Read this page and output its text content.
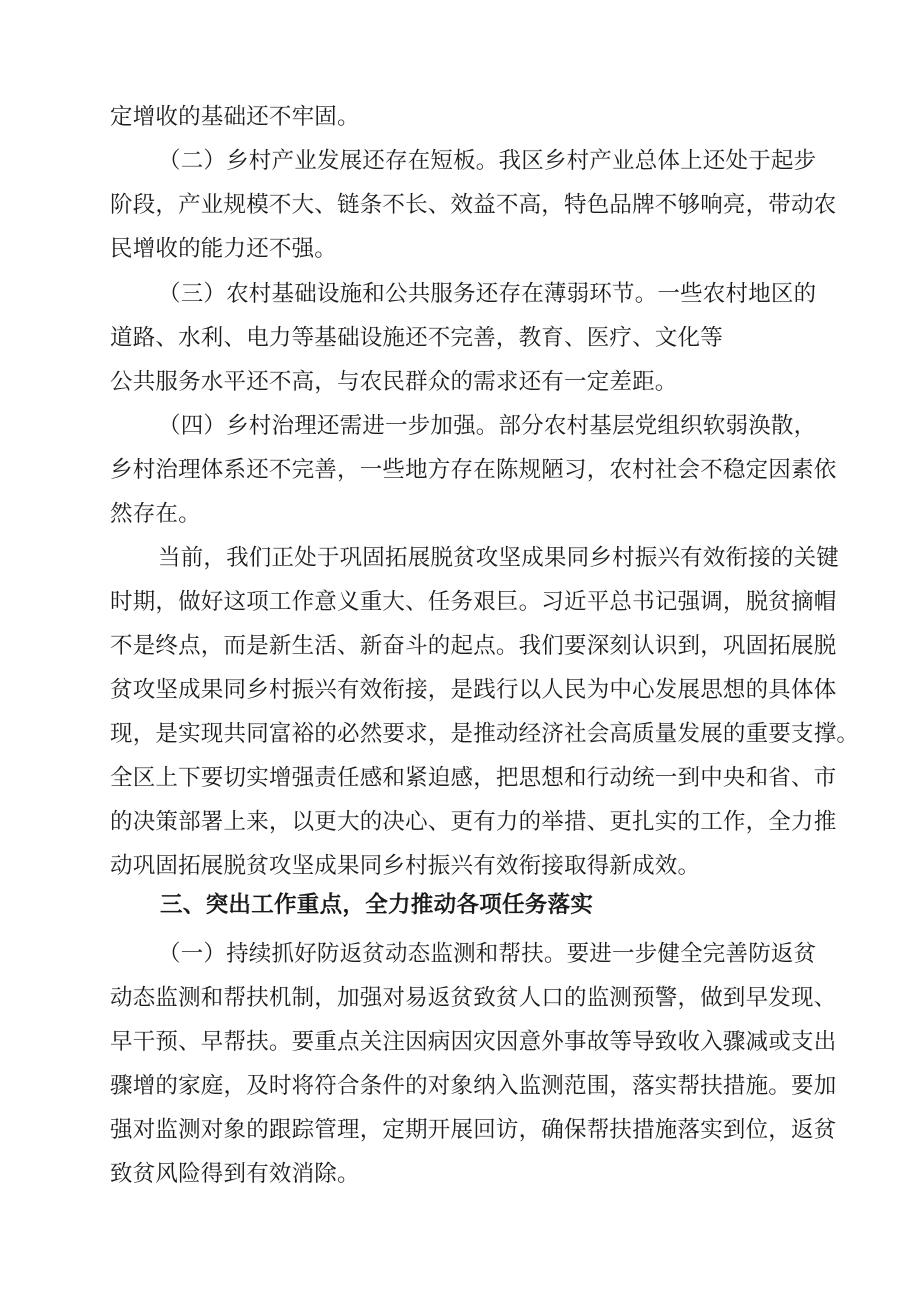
定增收的基础还不牢固。
（二）乡村产业发展还存在短板。我区乡村产业总体上还处于起步
阶段，产业规模不大、链条不长、效益不高，特色品牌不够响亮，带动农
民增收的能力还不强。
（三）农村基础设施和公共服务还存在薄弱环节。一些农村地区的
道路、水利、电力等基础设施还不完善，教育、医疗、文化等
公共服务水平还不高，与农民群众的需求还有一定差距。
（四）乡村治理还需进一步加强。部分农村基层党组织软弱涣散，
乡村治理体系还不完善，一些地方存在陈规陋习，农村社会不稳定因素依
然存在。
当前，我们正处于巩固拓展脱贫攻坚成果同乡村振兴有效衔接的关键
时期，做好这项工作意义重大、任务艰巨。习近平总书记强调，脱贫摘帽
不是终点，而是新生活、新奋斗的起点。我们要深刻认识到，巩固拓展脱
贫攻坚成果同乡村振兴有效衔接，是践行以人民为中心发展思想的具体体
现，是实现共同富裕的必然要求，是推动经济社会高质量发展的重要支撑。
全区上下要切实增强责任感和紧迫感，把思想和行动统一到中央和省、市
的决策部署上来，以更大的决心、更有力的举措、更扎实的工作，全力推
动巩固拓展脱贫攻坚成果同乡村振兴有效衔接取得新成效。
三、突出工作重点，全力推动各项任务落实
（一）持续抓好防返贫动态监测和帮扶。要进一步健全完善防返贫
动态监测和帮扶机制，加强对易返贫致贫人口的监测预警，做到早发现、
早干预、早帮扶。要重点关注因病因灾因意外事故等导致收入骤减或支出
骤增的家庭，及时将符合条件的对象纳入监测范围，落实帮扶措施。要加
强对监测对象的跟踪管理，定期开展回访，确保帮扶措施落实到位，返贫
致贫风险得到有效消除。
